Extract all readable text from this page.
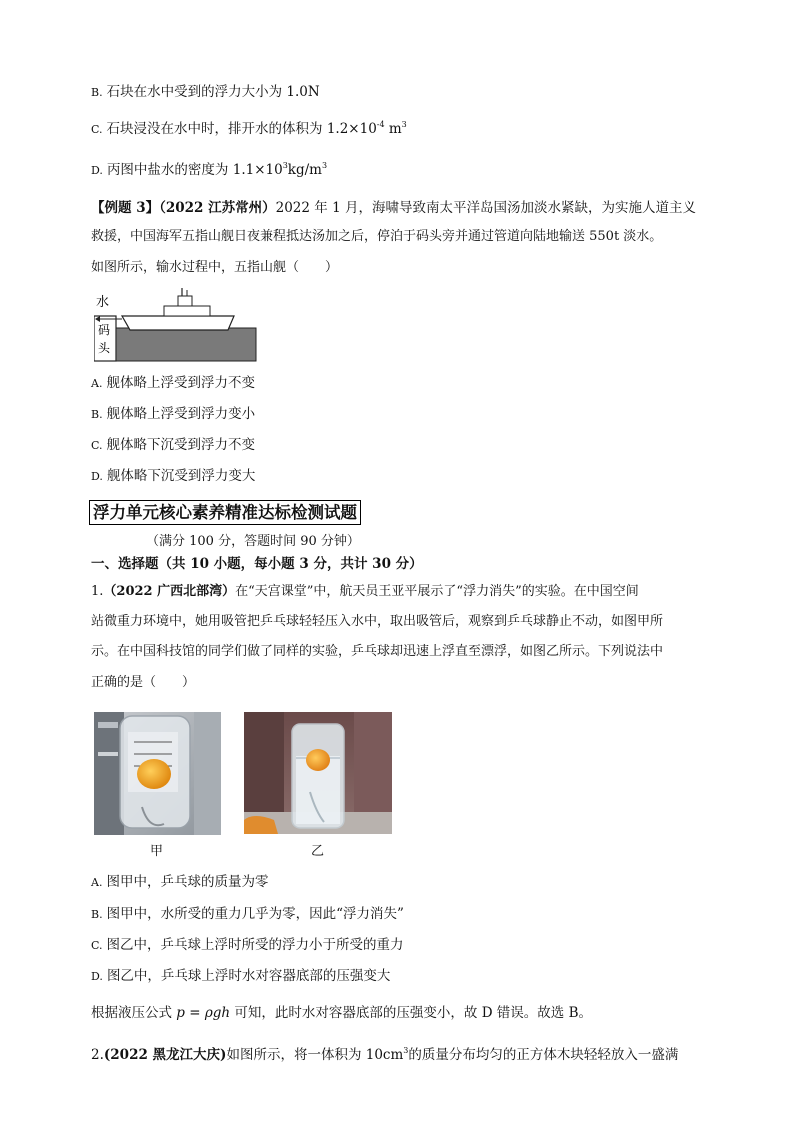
B. 石块在水中受到的浮力大小为 1.0N
C. 石块浸没在水中时，排开水的体积为 $1.2\times 10^{-4}$ $m^3$
D. 丙图中盐水的密度为 $1.1\times 10^3kg/m^3$
【例题 3】（2022 江苏常州）2022 年 1 月，海啸导致南太平洋岛国汤加淡水紧缺，为实施人道主义
救援，中国海军五指山舰日夜兼程抵达汤加之后，停泊于码头旁并通过管道向陆地输送 550t 淡水。
如图所示，输水过程中，五指山舰（　　）
水
码
头
A. 舰体略上浮受到浮力不变
B. 舰体略上浮受到浮力变小
C. 舰体略下沉受到浮力不变
D. 舰体略下沉受到浮力变大
浮力单元核心素养精准达标检测试题
（满分 100 分，答题时间 90 分钟）
一、选择题（共 10 小题，每小题 3 分，共计 30 分）
1.（2022 广西北部湾）在“天宫课堂”中，航天员王亚平展示了“浮力消失”的实验。在中国空间
站微重力环境中，她用吸管把乒乓球轻轻压入水中，取出吸管后，观察到乒乓球静止不动，如图甲所
示。在中国科技馆的同学们做了同样的实验，乒乓球却迅速上浮直至漂浮，如图乙所示。下列说法中
正确的是（　　）
甲	乙
A. 图甲中，乒乓球的质量为零
B. 图甲中，水所受的重力几乎为零，因此“浮力消失”
C. 图乙中，乒乓球上浮时所受的浮力小于所受的重力
D. 图乙中，乒乓球上浮时水对容器底部的压强变大
根据液压公式 p = ρgh 可知，此时水对容器底部的压强变小，故 D 错误。故选 B。
2.(2022 黑龙江大庆)如图所示，将一体积为 $10cm^3$的质量分布均匀的正方体木块轻轻放入一盛满
